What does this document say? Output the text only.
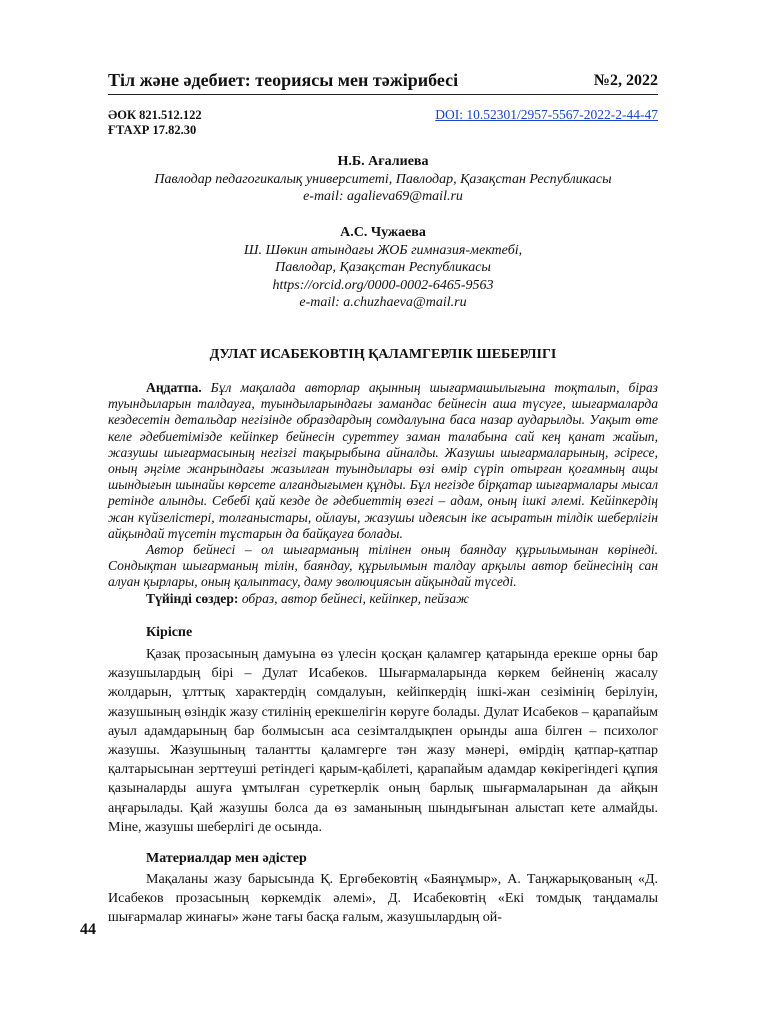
Тіл және әдебиет: теориясы мен тәжірибесі	№2, 2022
ӘОК 821.512.122
ҒТАХР 17.82.30
DOI: 10.52301/2957-5567-2022-2-44-47
Н.Б. Ағалиева
Павлодар педагогикалық университеті, Павлодар, Қазақстан Республикасы
e-mail: agalieva69@mail.ru
А.С. Чужаева
Ш. Шөкин атындағы ЖОБ гимназия-мектебі,
Павлодар, Қазақстан Республикасы
https://orcid.org/0000-0002-6465-9563
e-mail: a.chuzhaeva@mail.ru
ДУЛАТ ИСАБЕКОВТІҢ ҚАЛАМГЕРЛІК ШЕБЕРЛІГІ

Аңдатпа. Бұл мақалада авторлар ақынның шығармашылығына тоқталып, біраз туындыларын талдауға, туындыларындағы замандас бейнесін аша түсуге, шығармаларда кездесетін детальдар негізінде образдардың сомдалуына баса назар аударылды. Уақыт өте келе әдебиетімізде кейіпкер бейнесін суреттеу заман талабына сай кең қанат жайып, жазушы шығармасының негізгі тақырыбына айналды. Жазушы шығармаларының, әсіресе, оның әңгіме жанрындағы жазылған туындылары өзі өмір сүріп отырған қоғамның ащы шындығын шынайы көрсете алғандығымен құнды. Бұл негізде бірқатар шығармалары мысал ретінде алынды. Себебі қай кезде де әдебиеттің өзегі – адам, оның ішкі әлемі. Кейіпкердің жан күйзелістері, толғаныстары, ойлауы, жазушы идеясын іке асыратын тілдік шеберлігін айқындай түсетін тұстарын да байқауға болады.

Автор бейнесі – ол шығарманың тілінен оның баяндау құрылымынан көрінеді. Сондықтан шығарманың тілін, баяндау, құрылымын талдау арқылы автор бейнесінің сан алуан қырлары, оның қалыптасу, даму эволюциясын айқындай түседі.

Түйінді сөздер: образ, автор бейнесі, кейіпкер, пейзаж

Кіріспе

Қазақ прозасының дамуына өз үлесін қосқан қаламгер қатарында ерекше орны бар жазушылардың бірі – Дулат Исабеков. Шығармаларында көркем бейненің жасалу жолдарын, ұлттық характердің сомдалуын, кейіпкердің ішкі-жан сезімінің берілуін, жазушының өзіндік жазу стилінің ерекшелігін көруге болады. Дулат Исабеков – қарапайым ауыл адамдарының бар болмысын аса сезімталдықпен орынды аша білген – психолог жазушы. Жазушының талантты қаламгерге тән жазу мәнері, өмірдің қатпар-қатпар қалтарысынан зерттеуші ретіндегі қарым-қабілеті, қарапайым адамдар көкірегіндегі құпия қазыналарды ашуға ұмтылған суреткерлік оның барлық шығармаларынан да айқын аңғарылады. Қай жазушы болса да өз заманының шындығынан алыстап кете алмайды. Міне, жазушы шеберлігі де осында.

Материалдар мен әдістер

Мақаланы жазу барысында Қ. Ергөбековтің «Баянұмыр», А. Таңжарықованың «Д. Исабеков прозасының көркемдік әлемі», Д. Исабековтің «Екі томдық таңдамалы шығармалар жинағы» және тағы басқа ғалым, жазушылардың ой-

44
